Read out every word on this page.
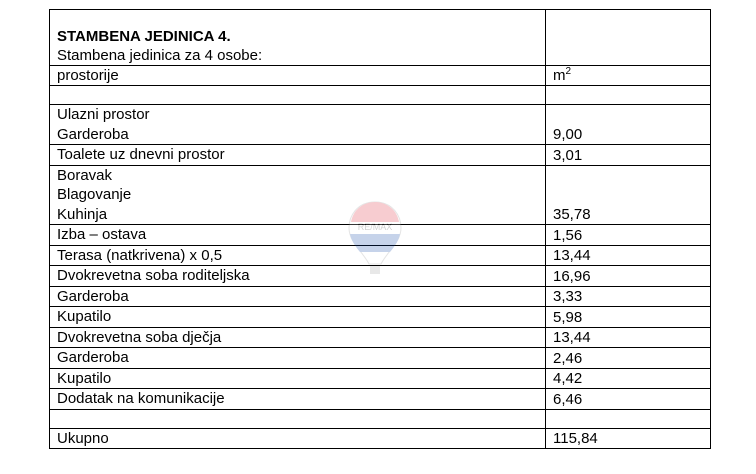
STAMBENA JEDINICA 4.
Stambena jedinica za 4 osobe:	

prostorije	$m^2$

Ulazni prostor
Garderoba	9,00

Toalete uz dnevni prostor	3,01

Boravak
Blagovanje
Kuhinja	35,78

Izba – ostava	1,56

Terasa (natkrivena) x 0,5	13,44

Dvokrevetna soba roditeljska	16,96

Garderoba	3,33

Kupatilo	5,98

Dvokrevetna soba dječja	13,44

Garderoba	2,46

Kupatilo	4,42

Dodatak na komunikacije	6,46

Ukupno	115,84
RE/MAX
